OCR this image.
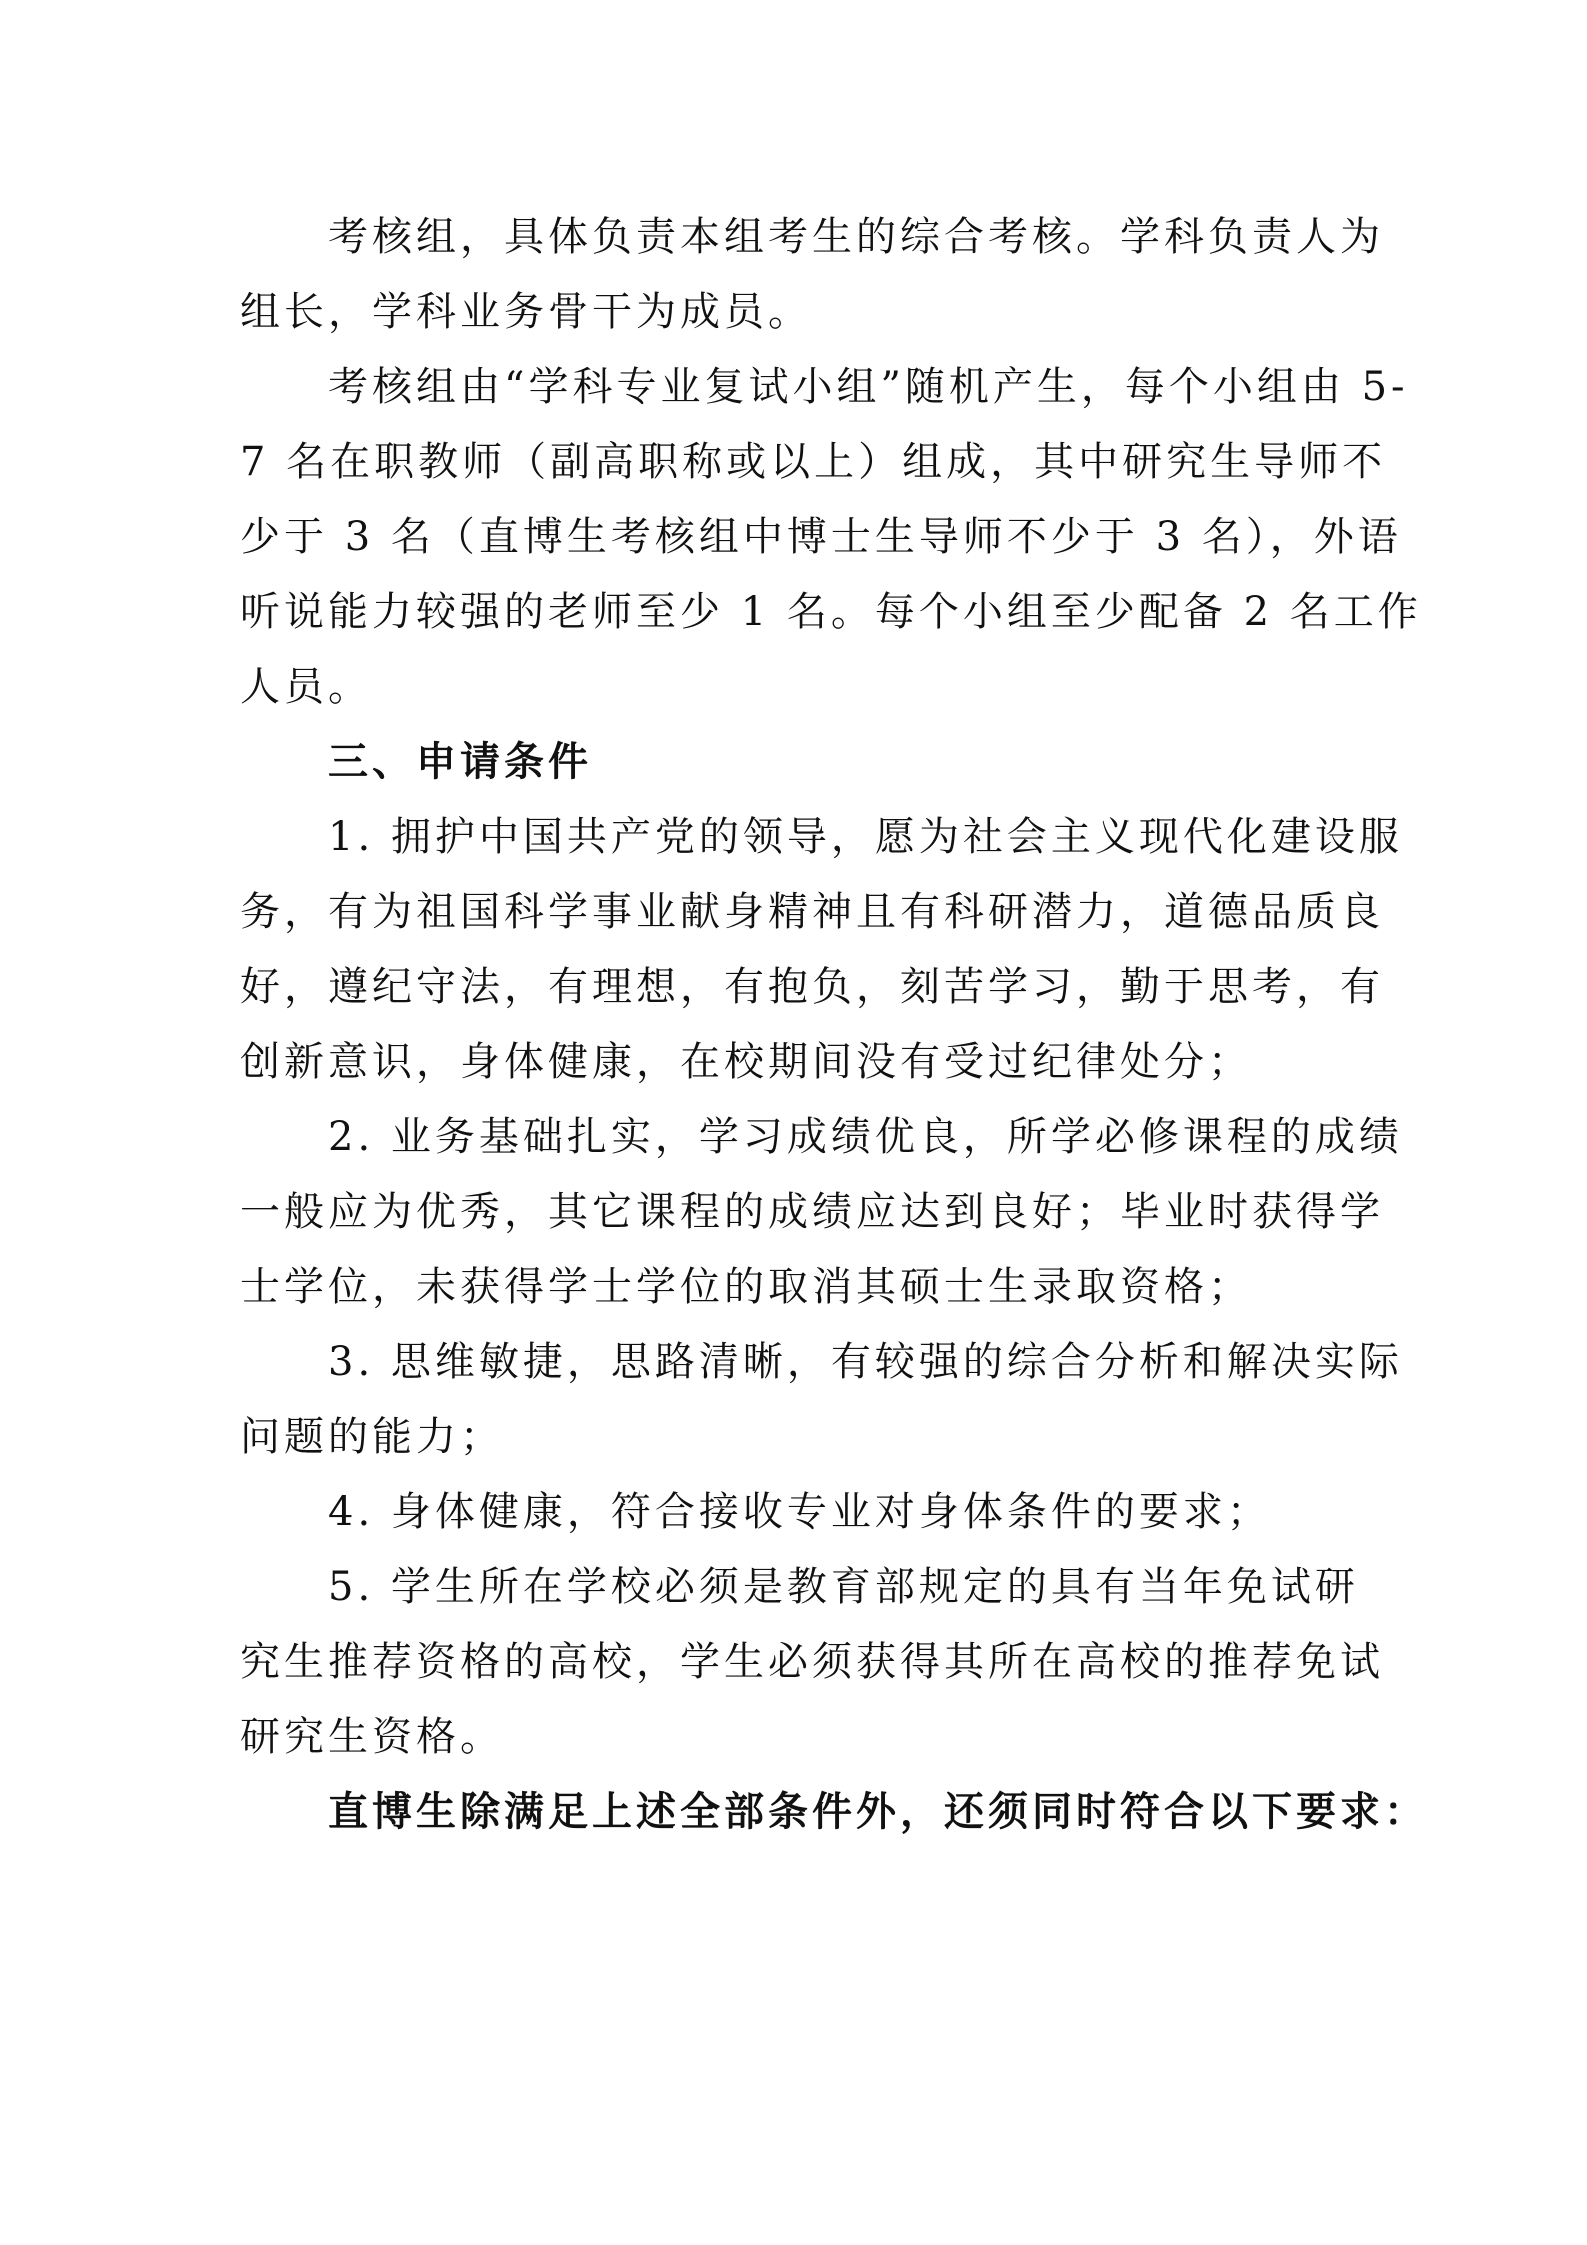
考核组，具体负责本组考生的综合考核。学科负责人为
组长，学科业务骨干为成员。
考核组由“学科专业复试小组”随机产生，每个小组由 5-
7 名在职教师（副高职称或以上）组成，其中研究生导师不
少于 3 名（直博生考核组中博士生导师不少于 3 名），外语
听说能力较强的老师至少 1 名。每个小组至少配备 2 名工作
人员。
三、申请条件
1. 拥护中国共产党的领导，愿为社会主义现代化建设服
务，有为祖国科学事业献身精神且有科研潜力，道德品质良
好，遵纪守法，有理想，有抱负，刻苦学习，勤于思考，有
创新意识，身体健康，在校期间没有受过纪律处分；
2. 业务基础扎实，学习成绩优良，所学必修课程的成绩
一般应为优秀，其它课程的成绩应达到良好；毕业时获得学
士学位，未获得学士学位的取消其硕士生录取资格；
3. 思维敏捷，思路清晰，有较强的综合分析和解决实际
问题的能力；
4. 身体健康，符合接收专业对身体条件的要求；
5. 学生所在学校必须是教育部规定的具有当年免试研
究生推荐资格的高校，学生必须获得其所在高校的推荐免试
研究生资格。
直博生除满足上述全部条件外，还须同时符合以下要求：
